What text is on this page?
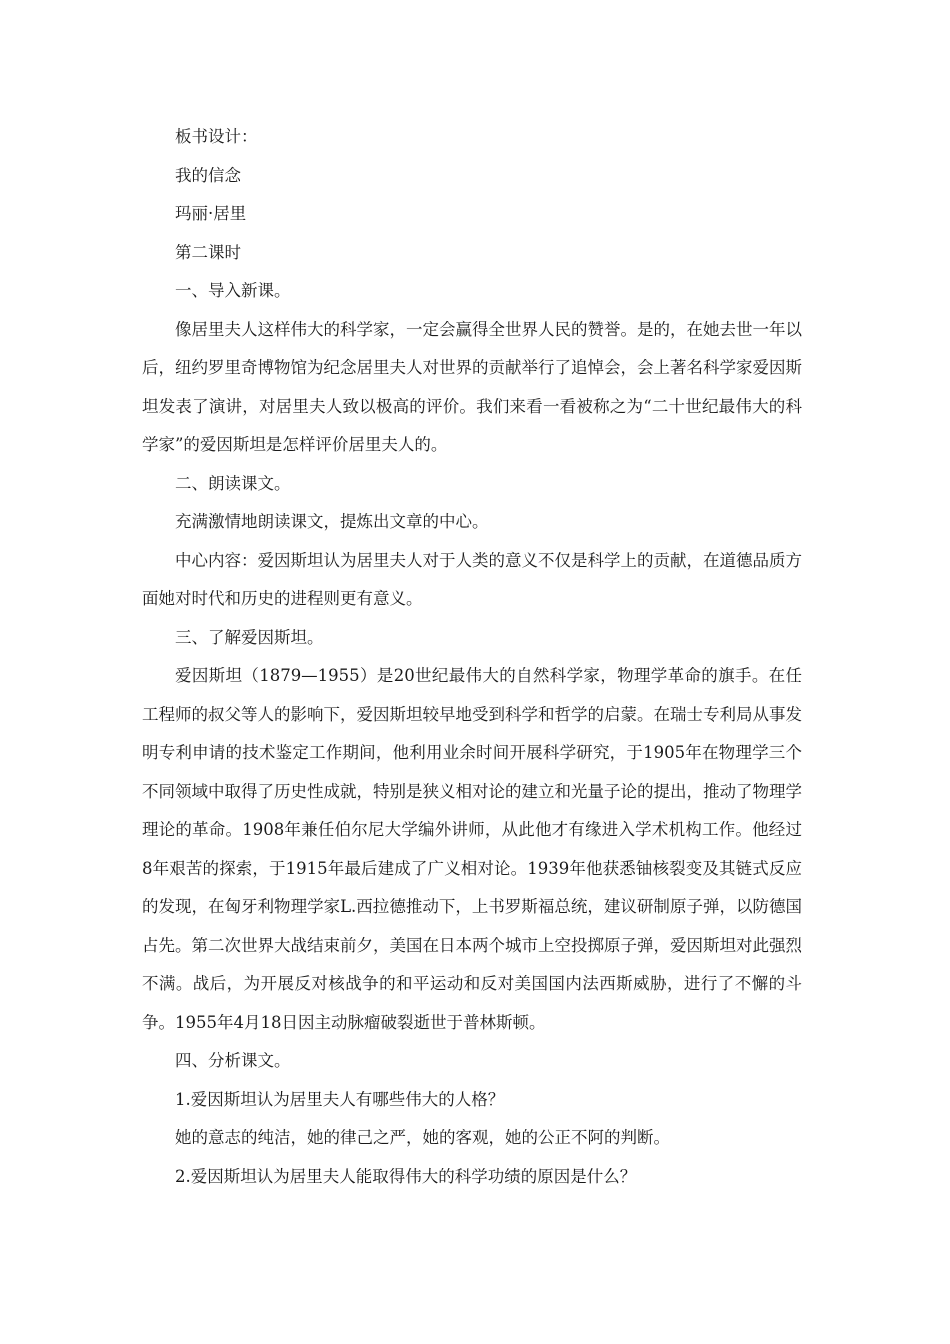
板书设计：

我的信念

玛丽·居里

第二课时

一、导入新课。

像居里夫人这样伟大的科学家，一定会赢得全世界人民的赞誉。是的，在她去世一年以后，纽约罗里奇博物馆为纪念居里夫人对世界的贡献举行了追悼会，会上著名科学家爱因斯坦发表了演讲，对居里夫人致以极高的评价。我们来看一看被称之为“二十世纪最伟大的科学家”的爱因斯坦是怎样评价居里夫人的。

二、朗读课文。

充满激情地朗读课文，提炼出文章的中心。

中心内容：爱因斯坦认为居里夫人对于人类的意义不仅是科学上的贡献，在道德品质方面她对时代和历史的进程则更有意义。

三、了解爱因斯坦。

爱因斯坦（1879—1955）是20世纪最伟大的自然科学家，物理学革命的旗手。在任工程师的叔父等人的影响下，爱因斯坦较早地受到科学和哲学的启蒙。在瑞士专利局从事发明专利申请的技术鉴定工作期间，他利用业余时间开展科学研究，于1905年在物理学三个不同领域中取得了历史性成就，特别是狭义相对论的建立和光量子论的提出，推动了物理学理论的革命。1908年兼任伯尔尼大学编外讲师，从此他才有缘进入学术机构工作。他经过8年艰苦的探索，于1915年最后建成了广义相对论。1939年他获悉铀核裂变及其链式反应的发现，在匈牙利物理学家L.西拉德推动下，上书罗斯福总统，建议研制原子弹，以防德国占先。第二次世界大战结束前夕，美国在日本两个城市上空投掷原子弹，爱因斯坦对此强烈不满。战后，为开展反对核战争的和平运动和反对美国国内法西斯威胁，进行了不懈的斗争。1955年4月18日因主动脉瘤破裂逝世于普林斯顿。

四、分析课文。

1.爱因斯坦认为居里夫人有哪些伟大的人格？

她的意志的纯洁，她的律己之严，她的客观，她的公正不阿的判断。

2.爱因斯坦认为居里夫人能取得伟大的科学功绩的原因是什么？
